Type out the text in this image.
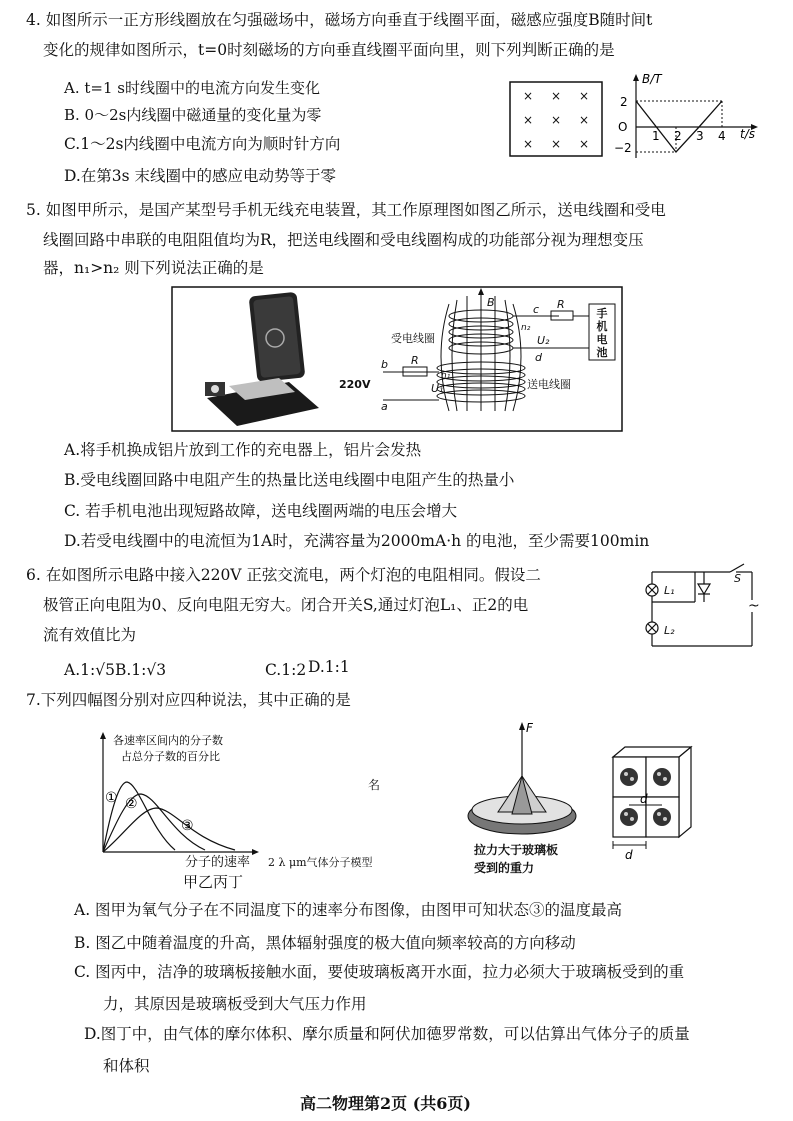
4. 如图所示一正方形线圈放在匀强磁场中，磁场方向垂直于线圈平面，磁感应强度B随时间t
变化的规律如图所示，t=0时刻磁场的方向垂直线圈平面向里，则下列判断正确的是
A. t=1 s时线圈中的电流方向发生变化
B. 0～2s内线圈中磁通量的变化量为零
C.1～2s内线圈中电流方向为顺时针方向
D.在第3s 末线圈中的感应电动势等于零
× × ×
× × ×
× × ×
B/T
t/s
O
2
−2
1 2 3 4
5. 如图甲所示，是国产某型号手机无线充电装置，其工作原理图如图乙所示，送电线圈和受电
线圈回路中串联的电阻阻值均为R，把送电线圈和受电线圈构成的功能部分视为理想变压
器，n₁>n₂ 则下列说法正确的是
B
c
d
n₂
U₂
R
R
b
a
n₁
U₁
220V
受电线圈
送电线圈
手
机
电
池
A.将手机换成铝片放到工作的充电器上，铝片会发热
B.受电线圈回路中电阻产生的热量比送电线圈中电阻产生的热量小
C. 若手机电池出现短路故障，送电线圈两端的电压会增大
D.若受电线圈中的电流恒为1A时，充满容量为2000mA·h 的电池，至少需要100min
6. 在如图所示电路中接入220V 正弦交流电，两个灯泡的电阻相同。假设二
极管正向电阻为0、反向电阻无穷大。闭合开关S,通过灯泡L₁、正2的电
流有效值比为
A.1:√5B.1:√3	C.1:2 D.1:1
L₁
L₂
S
~
7.下列四幅图分别对应四种说法，其中正确的是
各速率区间内的分子数
占总分子数的百分比
① ②
③
分子的速率 2 λ μm气体分子模型
甲乙丙丁
名
F
拉力大于玻璃板
受到的重力
d
d
A. 图甲为氧气分子在不同温度下的速率分布图像，由图甲可知状态③的温度最高
B. 图乙中随着温度的升高，黑体辐射强度的极大值向频率较高的方向移动
C. 图丙中，洁净的玻璃板接触水面，要使玻璃板离开水面，拉力必须大于玻璃板受到的重
力，其原因是玻璃板受到大气压力作用
D.图丁中，由气体的摩尔体积、摩尔质量和阿伏加德罗常数，可以估算出气体分子的质量
和体积
高二物理第2页 (共6页)
